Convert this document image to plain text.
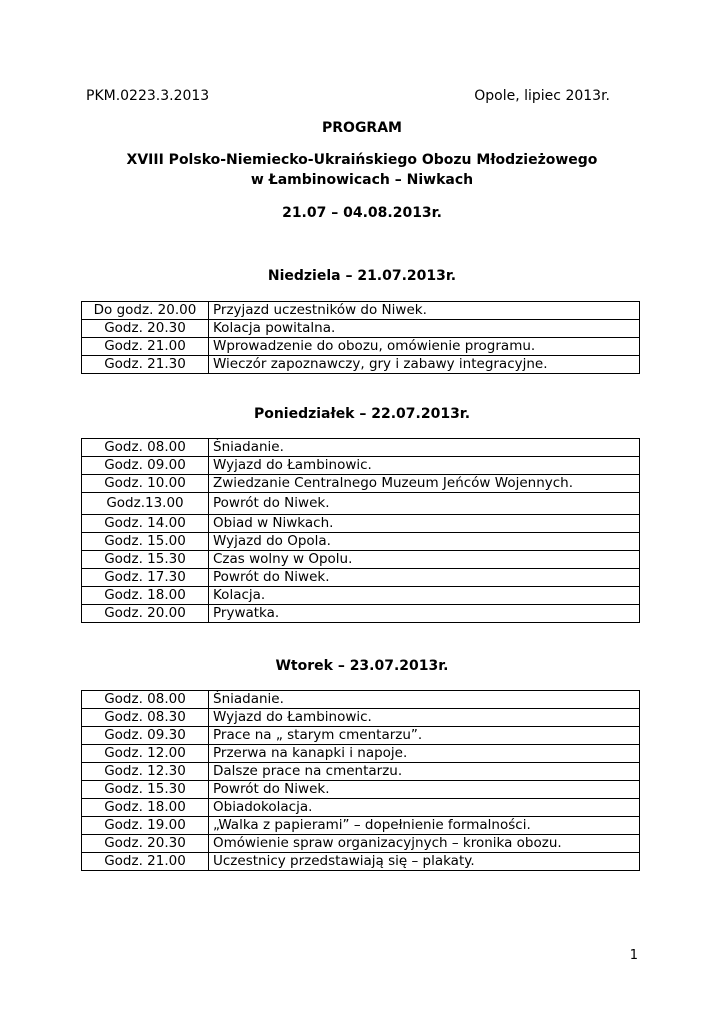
PKM.0223.3.2013	Opole, lipiec 2013r.
PROGRAM
XVIII Polsko-Niemiecko-Ukraińskiego Obozu Młodzieżowego
w Łambinowicach – Niwkach
21.07 – 04.08.2013r.
Niedziela – 21.07.2013r.
Do godz. 20.00	Przyjazd uczestników do Niwek.
Godz. 20.30	Kolacja powitalna.
Godz. 21.00	Wprowadzenie do obozu, omówienie programu.
Godz. 21.30	Wieczór zapoznawczy, gry i zabawy integracyjne.
Poniedziałek – 22.07.2013r.
Godz. 08.00	Śniadanie.
Godz. 09.00	Wyjazd do Łambinowic.
Godz. 10.00	Zwiedzanie Centralnego Muzeum Jeńców Wojennych.
Godz.13.00	Powrót do Niwek.
Godz. 14.00	Obiad w Niwkach.
Godz. 15.00	Wyjazd do Opola.
Godz. 15.30	Czas wolny w Opolu.
Godz. 17.30	Powrót do Niwek.
Godz. 18.00	Kolacja.
Godz. 20.00	Prywatka.
Wtorek – 23.07.2013r.
Godz. 08.00	Śniadanie.
Godz. 08.30	Wyjazd do Łambinowic.
Godz. 09.30	Prace na „ starym cmentarzu”.
Godz. 12.00	Przerwa na kanapki i napoje.
Godz. 12.30	Dalsze prace na cmentarzu.
Godz. 15.30	Powrót do Niwek.
Godz. 18.00	Obiadokolacja.
Godz. 19.00	„Walka z papierami” – dopełnienie formalności.
Godz. 20.30	Omówienie spraw organizacyjnych – kronika obozu.
Godz. 21.00	Uczestnicy przedstawiają się – plakaty.
1
